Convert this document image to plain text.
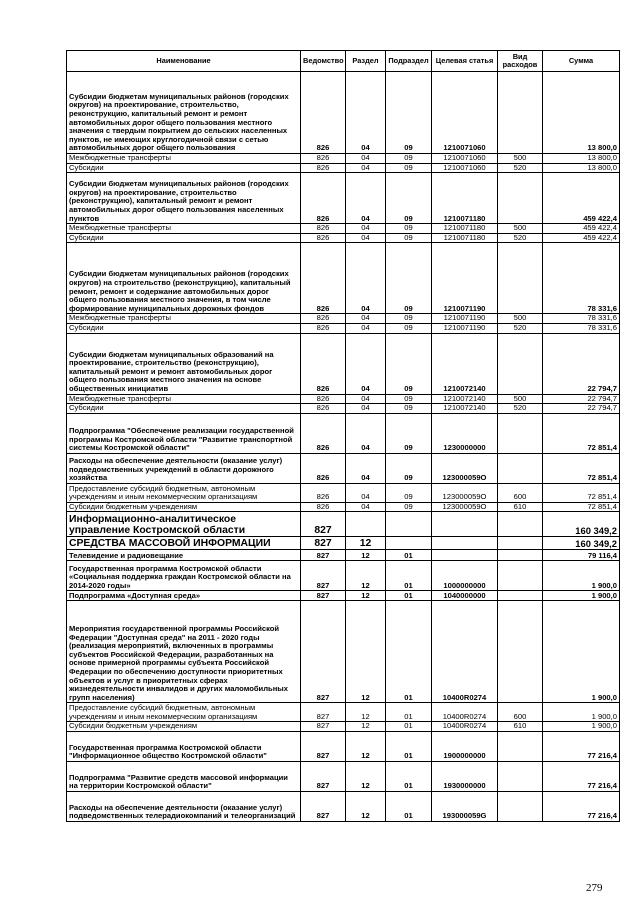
Наименование	Ведомство	Раздел	Подраздел	Целевая статья	Вид расходов	Сумма
Субсидии бюджетам муниципальных районов (городских округов) на проектирование, строительство, реконструкцию, капитальный ремонт и ремонт автомобильных дорог общего пользования местного значения с твердым покрытием до сельских населенных пунктов, не имеющих круглогодичной связи с сетью автомобильных дорог общего пользования	826	04	09	1210071060		13 800,0
Межбюджетные трансферты	826	04	09	1210071060	500	13 800,0
Субсидии	826	04	09	1210071060	520	13 800,0
Субсидии бюджетам муниципальных районов (городских округов) на проектирование, строительство (реконструкцию), капитальный ремонт и ремонт автомобильных дорог общего пользования населенных пунктов	826	04	09	1210071180		459 422,4
Межбюджетные трансферты	826	04	09	1210071180	500	459 422,4
Субсидии	826	04	09	1210071180	520	459 422,4
Субсидии бюджетам муниципальных районов (городских округов) на строительство (реконструкцию), капитальный ремонт, ремонт и содержание автомобильных дорог общего пользования местного значения, в том числе формирование муниципальных дорожных фондов	826	04	09	1210071190		78 331,6
Межбюджетные трансферты	826	04	09	1210071190	500	78 331,6
Субсидии	826	04	09	1210071190	520	78 331,6
Субсидии бюджетам муниципальных образований на проектирование, строительство (реконструкцию), капитальный ремонт и ремонт автомобильных дорог общего пользования местного значения на основе общественных инициатив	826	04	09	1210072140		22 794,7
Межбюджетные трансферты	826	04	09	1210072140	500	22 794,7
Субсидии	826	04	09	1210072140	520	22 794,7
Подпрограмма "Обеспечение реализации государственной программы Костромской области "Развитие транспортной системы Костромской области"	826	04	09	1230000000		72 851,4
Расходы на обеспечение деятельности (оказание услуг) подведомственных учреждений в области дорожного хозяйства	826	04	09	123000059О		72 851,4
Предоставление субсидий бюджетным, автономным учреждениям и иным некоммерческим организациям	826	04	09	123000059О	600	72 851,4
Субсидии бюджетным учреждениям	826	04	09	123000059О	610	72 851,4
Информационно-аналитическое управление Костромской области	827					160 349,2
СРЕДСТВА МАССОВОЙ ИНФОРМАЦИИ	827	12				160 349,2
Телевидение и радиовещание	827	12	01			79 116,4
Государственная программа Костромской области «Социальная поддержка граждан Костромской области на 2014-2020 годы»	827	12	01	1000000000		1 900,0
Подпрограмма «Доступная среда»	827	12	01	1040000000		1 900,0
Мероприятия государственной программы Российской Федерации "Доступная среда" на 2011 - 2020 годы (реализация мероприятий, включенных в программы субъектов Российской Федерации, разработанных на основе примерной программы субъекта Российской Федерации по обеспечению доступности приоритетных объектов и услуг в приоритетных сферах жизнедеятельности инвалидов и других маломобильных групп населения)	827	12	01	10400R0274		1 900,0
Предоставление субсидий бюджетным, автономным учреждениям и иным некоммерческим организациям	827	12	01	10400R0274	600	1 900,0
Субсидии бюджетным учреждениям	827	12	01	10400R0274	610	1 900,0
Государственная программа Костромской области "Информационное общество Костромской области"	827	12	01	1900000000		77 216,4
Подпрограмма "Развитие средств массовой информации на территории Костромской области"	827	12	01	1930000000		77 216,4
Расходы на обеспечение деятельности (оказание услуг) подведомственных телерадиокомпаний и телеорганизаций	827	12	01	193000059G		77 216,4
279
